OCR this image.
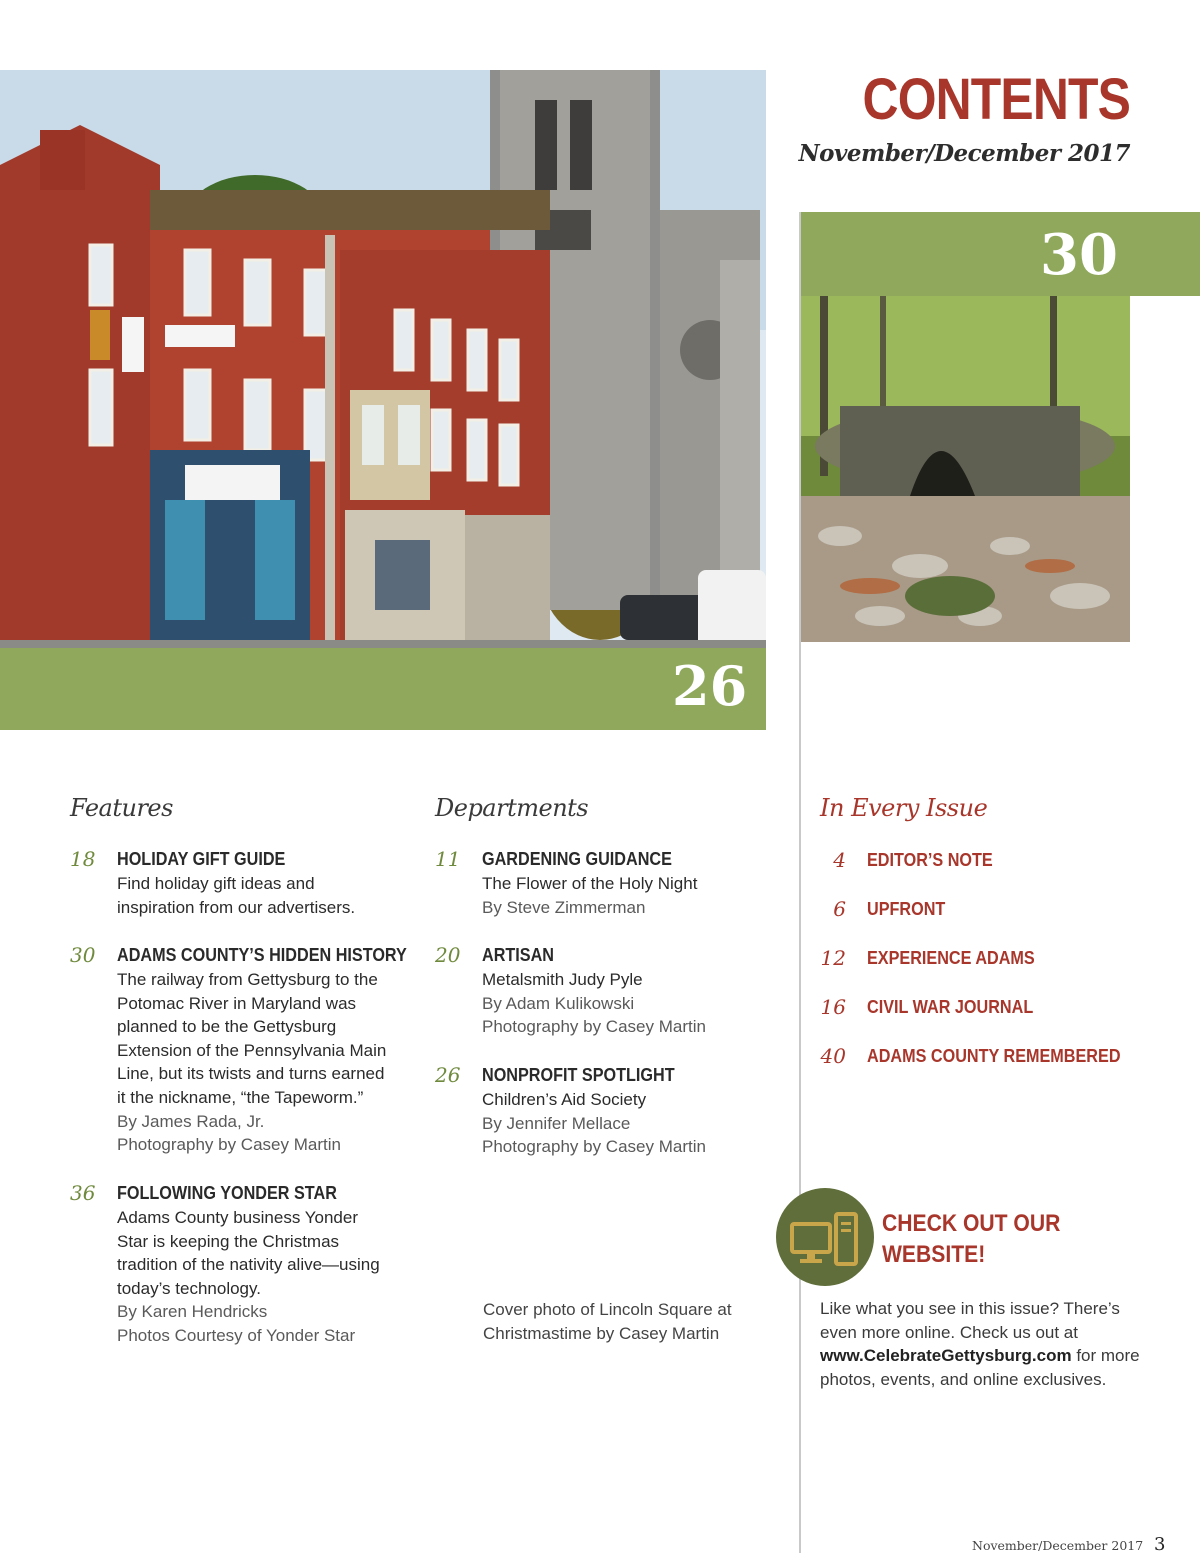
26
CONTENTS
November/December 2017
30
Features
18	HOLIDAY GIFT GUIDE
Find holiday gift ideas and
inspiration from our advertisers.
30	ADAMS COUNTY’S HIDDEN HISTORY
The railway from Gettysburg to the
Potomac River in Maryland was
planned to be the Gettysburg
Extension of the Pennsylvania Main
Line, but its twists and turns earned
it the nickname, “the Tapeworm.”
By James Rada, Jr.
Photography by Casey Martin
36	FOLLOWING YONDER STAR
Adams County business Yonder
Star is keeping the Christmas
tradition of the nativity alive—using
today’s technology.
By Karen Hendricks
Photos Courtesy of Yonder Star
Departments
11	GARDENING GUIDANCE
The Flower of the Holy Night
By Steve Zimmerman
20	ARTISAN
Metalsmith Judy Pyle
By Adam Kulikowski
Photography by Casey Martin
26	NONPROFIT SPOTLIGHT
Children’s Aid Society
By Jennifer Mellace
Photography by Casey Martin
Cover photo of Lincoln Square at
Christmastime by Casey Martin
In Every Issue
4 EDITOR’S NOTE
6 UPFRONT
12 EXPERIENCE ADAMS
16 CIVIL WAR JOURNAL
40 ADAMS COUNTY REMEMBERED
CHECK OUT OUR
WEBSITE!
Like what you see in this issue? There’s even more online. Check us out at www.CelebrateGettysburg.com for more photos, events, and online exclusives.
November/December 2017 3
